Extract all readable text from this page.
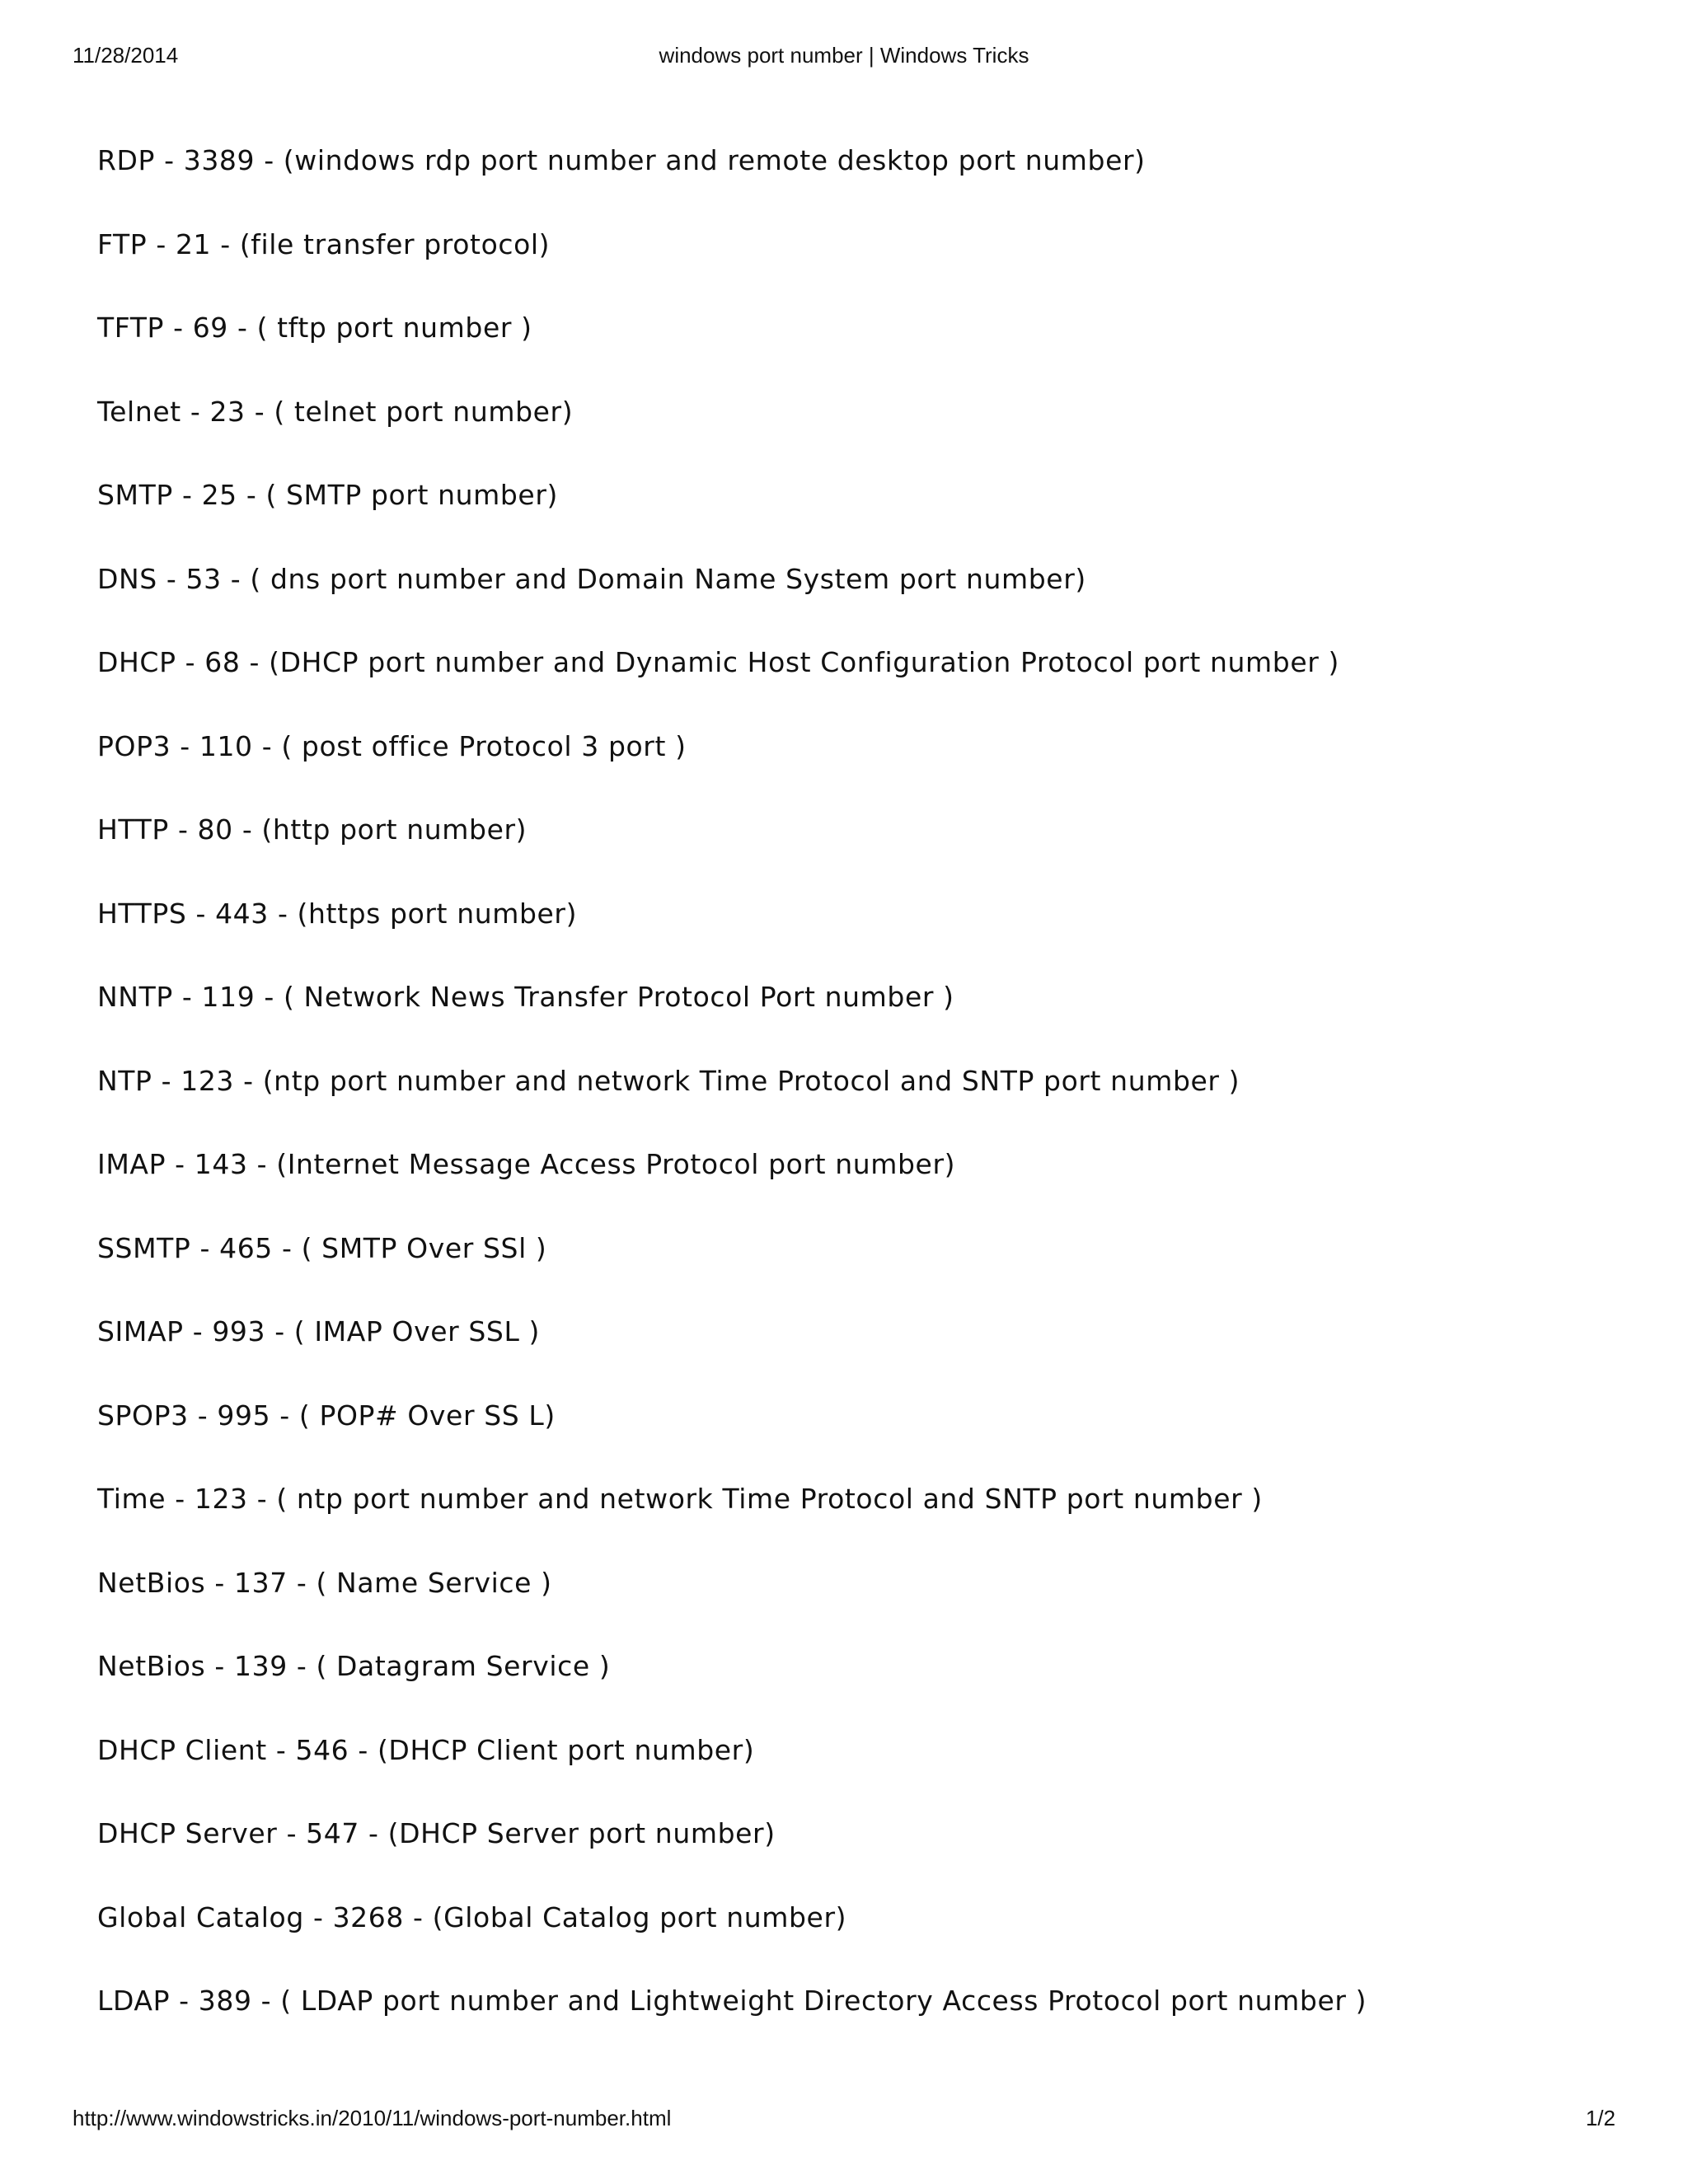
11/28/2014	windows port number | Windows Tricks
RDP - 3389 - (windows rdp port number and remote desktop port number)
FTP - 21 - (file transfer protocol)
TFTP - 69 - ( tftp port number )
Telnet - 23 - ( telnet port number)
SMTP - 25 - ( SMTP port number)
DNS - 53 - ( dns port number and Domain Name System port number)
DHCP - 68 - (DHCP port number and Dynamic Host Configuration Protocol port number )
POP3 - 110 - ( post office Protocol 3 port )
HTTP - 80 - (http port number)
HTTPS - 443 - (https port number)
NNTP - 119 - ( Network News Transfer Protocol Port number )
NTP - 123 - (ntp port number and network Time Protocol and SNTP port number )
IMAP - 143 - (Internet Message Access Protocol port number)
SSMTP - 465 - ( SMTP Over SSl )
SIMAP - 993 - ( IMAP Over SSL )
SPOP3 - 995 - ( POP# Over SS L)
Time - 123 - ( ntp port number and network Time Protocol and SNTP port number )
NetBios - 137 - ( Name Service )
NetBios - 139 - ( Datagram Service )
DHCP Client - 546 - (DHCP Client port number)
DHCP Server - 547 - (DHCP Server port number)
Global Catalog - 3268 - (Global Catalog port number)
LDAP - 389 - ( LDAP port number and Lightweight Directory Access Protocol port number )
http://www.windowstricks.in/2010/11/windows-port-number.html	1/2
